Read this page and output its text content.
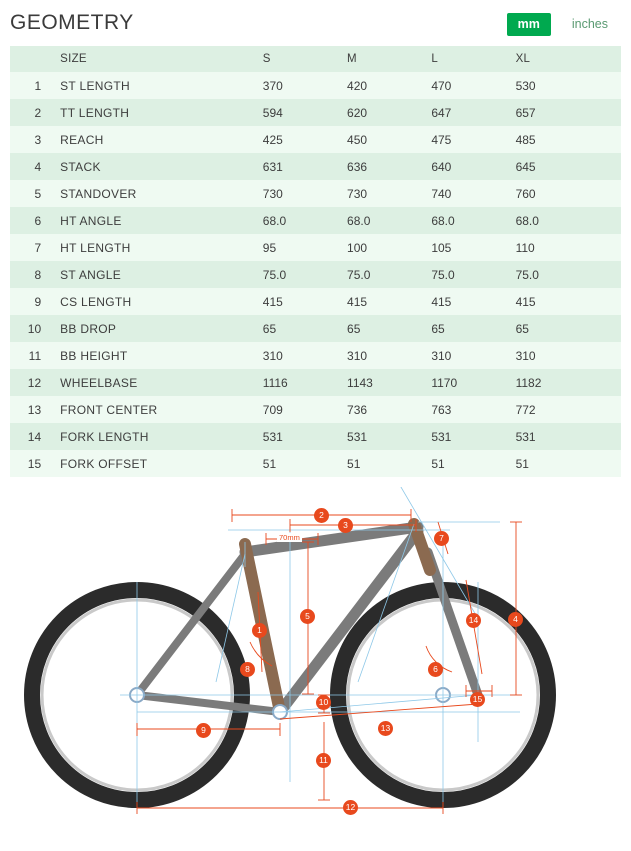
GEOMETRY	mm	inches
	SIZE	S	M	L	XL
1	ST LENGTH	370	420	470	530
2	TT LENGTH	594	620	647	657
3	REACH	425	450	475	485
4	STACK	631	636	640	645
5	STANDOVER	730	730	740	760
6	HT ANGLE	68.0	68.0	68.0	68.0
7	HT LENGTH	95	100	105	110
8	ST ANGLE	75.0	75.0	75.0	75.0
9	CS LENGTH	415	415	415	415
10	BB DROP	65	65	65	65
11	BB HEIGHT	310	310	310	310
12	WHEELBASE	1116	1143	1170	1182
13	FRONT CENTER	709	736	763	772
14	FORK LENGTH	531	531	531	531
15	FORK OFFSET	51	51	51	51
70mm
2
3
7
4
5
1
14
8	6
15
10
9	13
11
12
